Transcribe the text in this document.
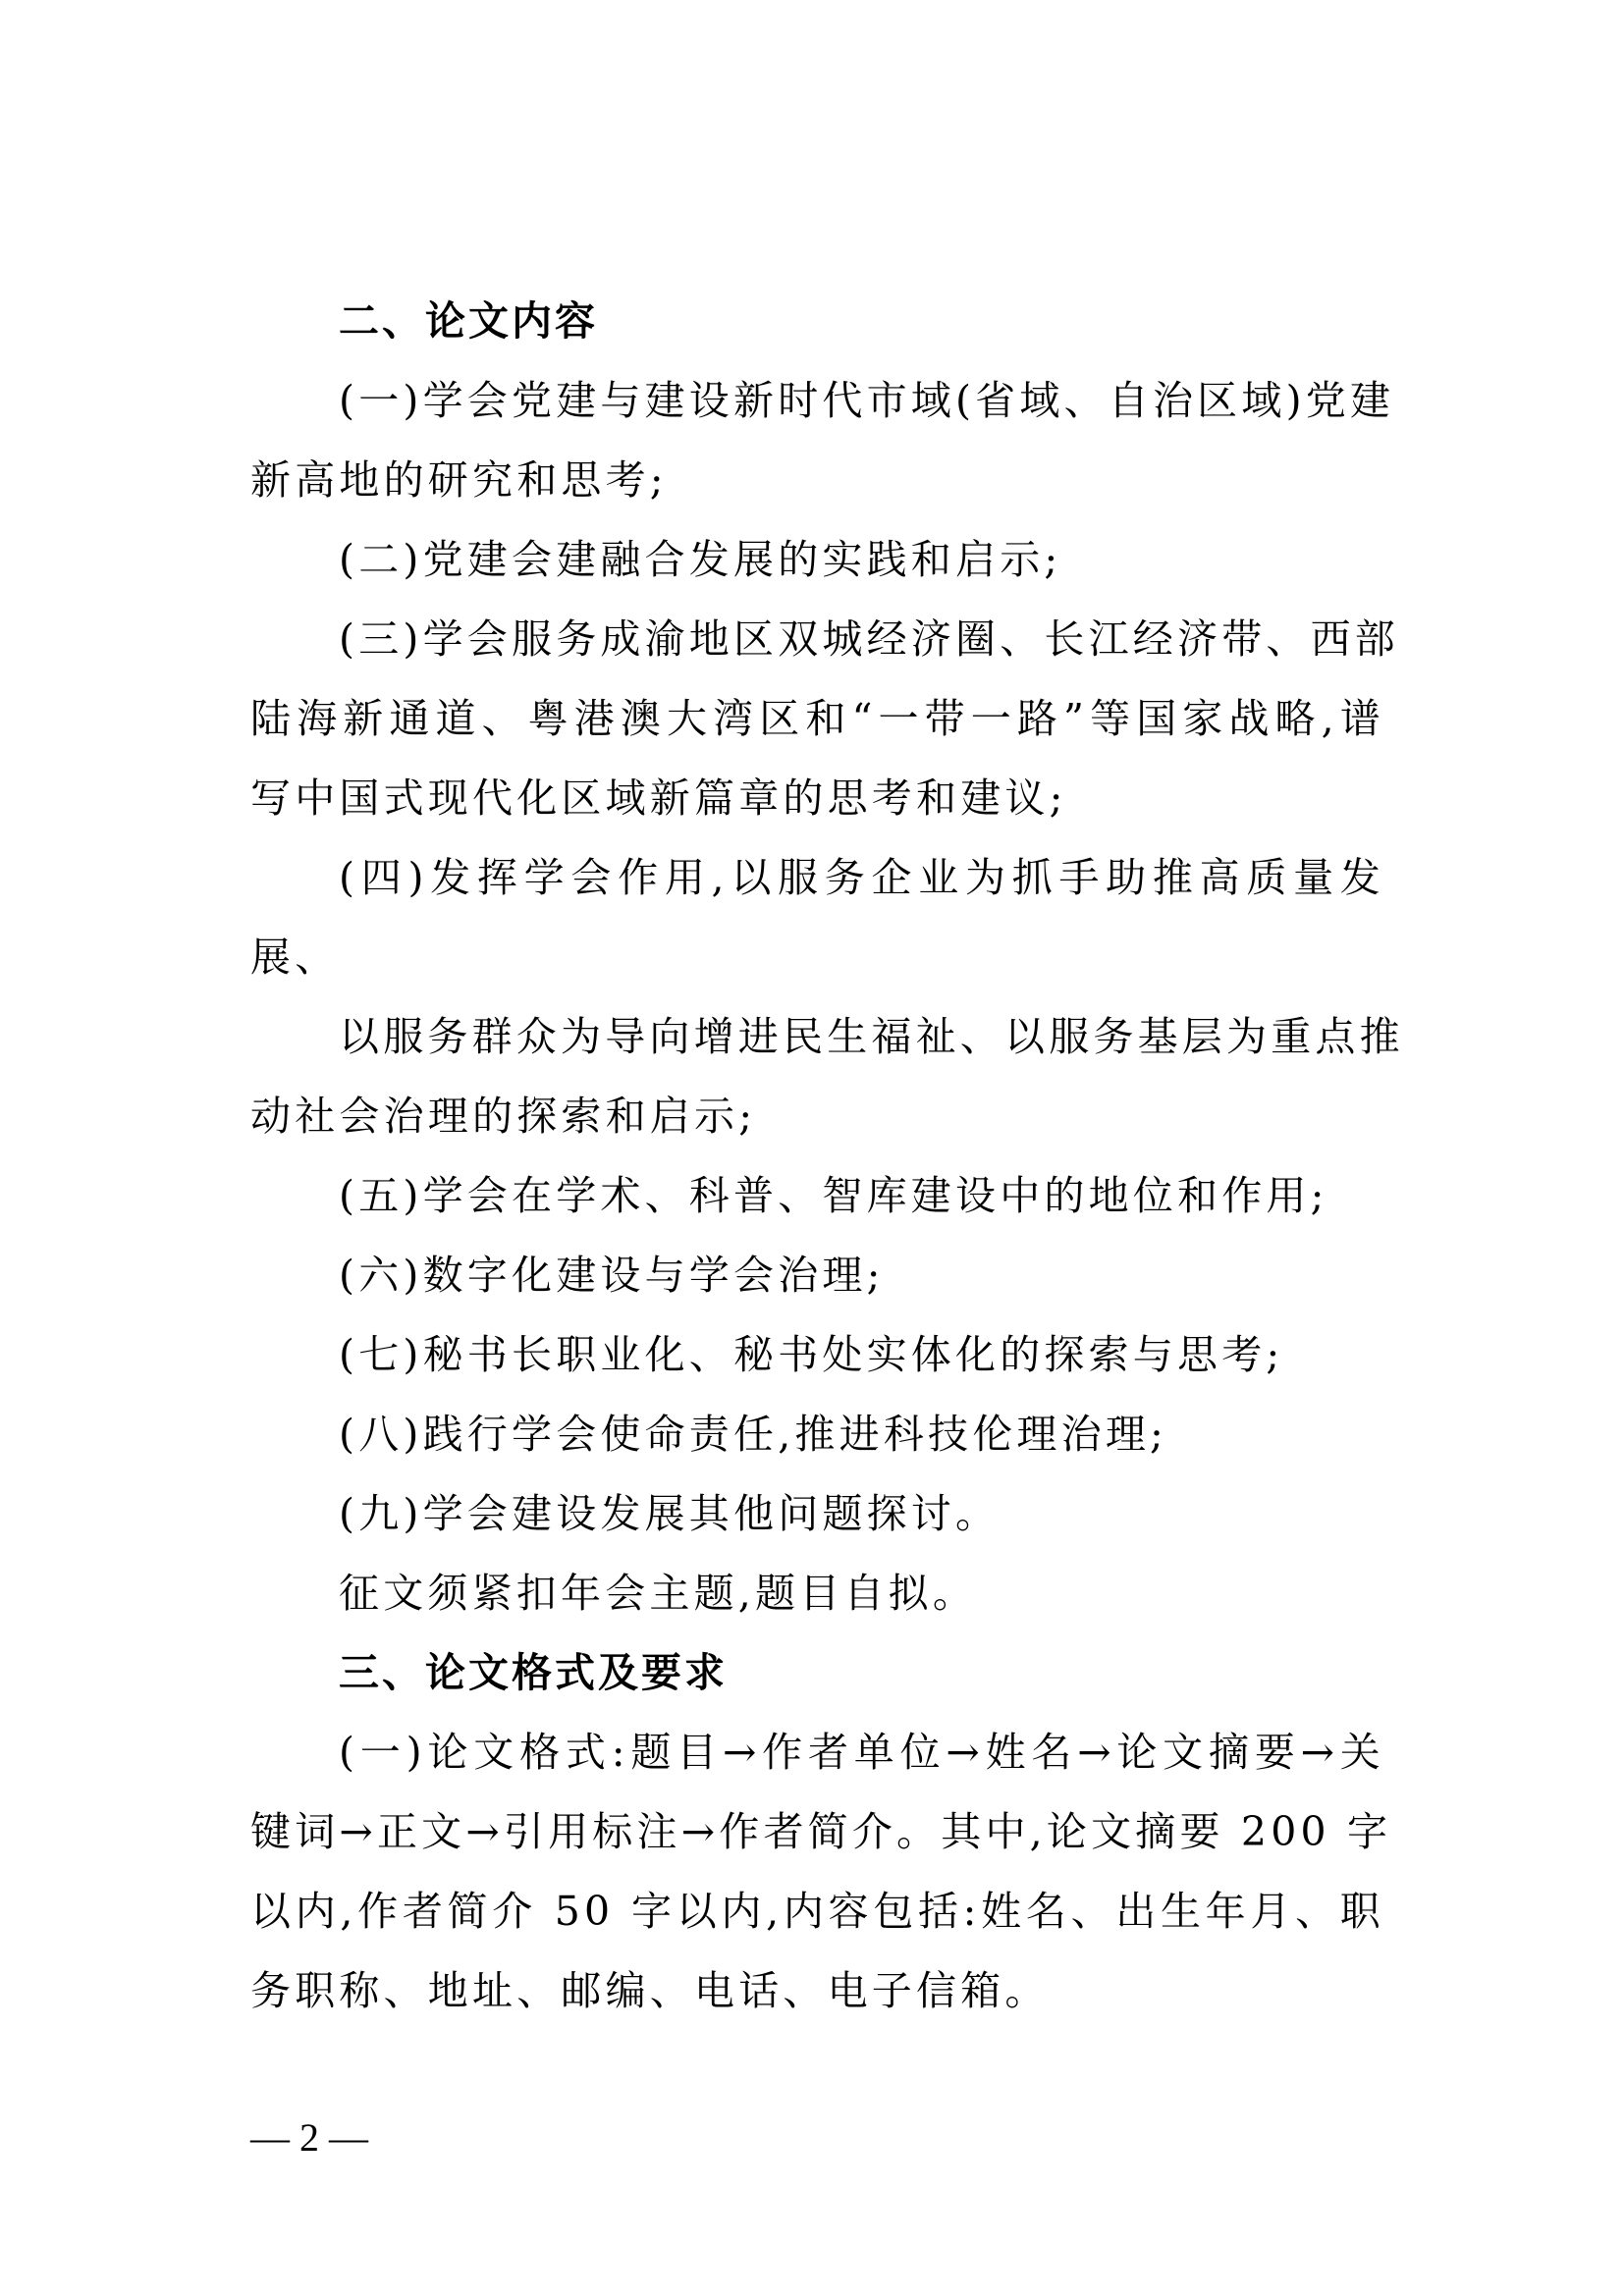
二、论文内容
(一)学会党建与建设新时代市域(省域、自治区域)党建
新高地的研究和思考;
(二)党建会建融合发展的实践和启示;
(三)学会服务成渝地区双城经济圈、长江经济带、西部
陆海新通道、粤港澳大湾区和“一带一路”等国家战略,谱
写中国式现代化区域新篇章的思考和建议;
(四)发挥学会作用,以服务企业为抓手助推高质量发
展、
以服务群众为导向增进民生福祉、以服务基层为重点推
动社会治理的探索和启示;
(五)学会在学术、科普、智库建设中的地位和作用;
(六)数字化建设与学会治理;
(七)秘书长职业化、秘书处实体化的探索与思考;
(八)践行学会使命责任,推进科技伦理治理;
(九)学会建设发展其他问题探讨。
征文须紧扣年会主题,题目自拟。
三、论文格式及要求
(一)论文格式:题目→作者单位→姓名→论文摘要→关
键词→正文→引用标注→作者简介。其中,论文摘要 200 字
以内,作者简介 50 字以内,内容包括:姓名、出生年月、职
务职称、地址、邮编、电话、电子信箱。
— 2 —
